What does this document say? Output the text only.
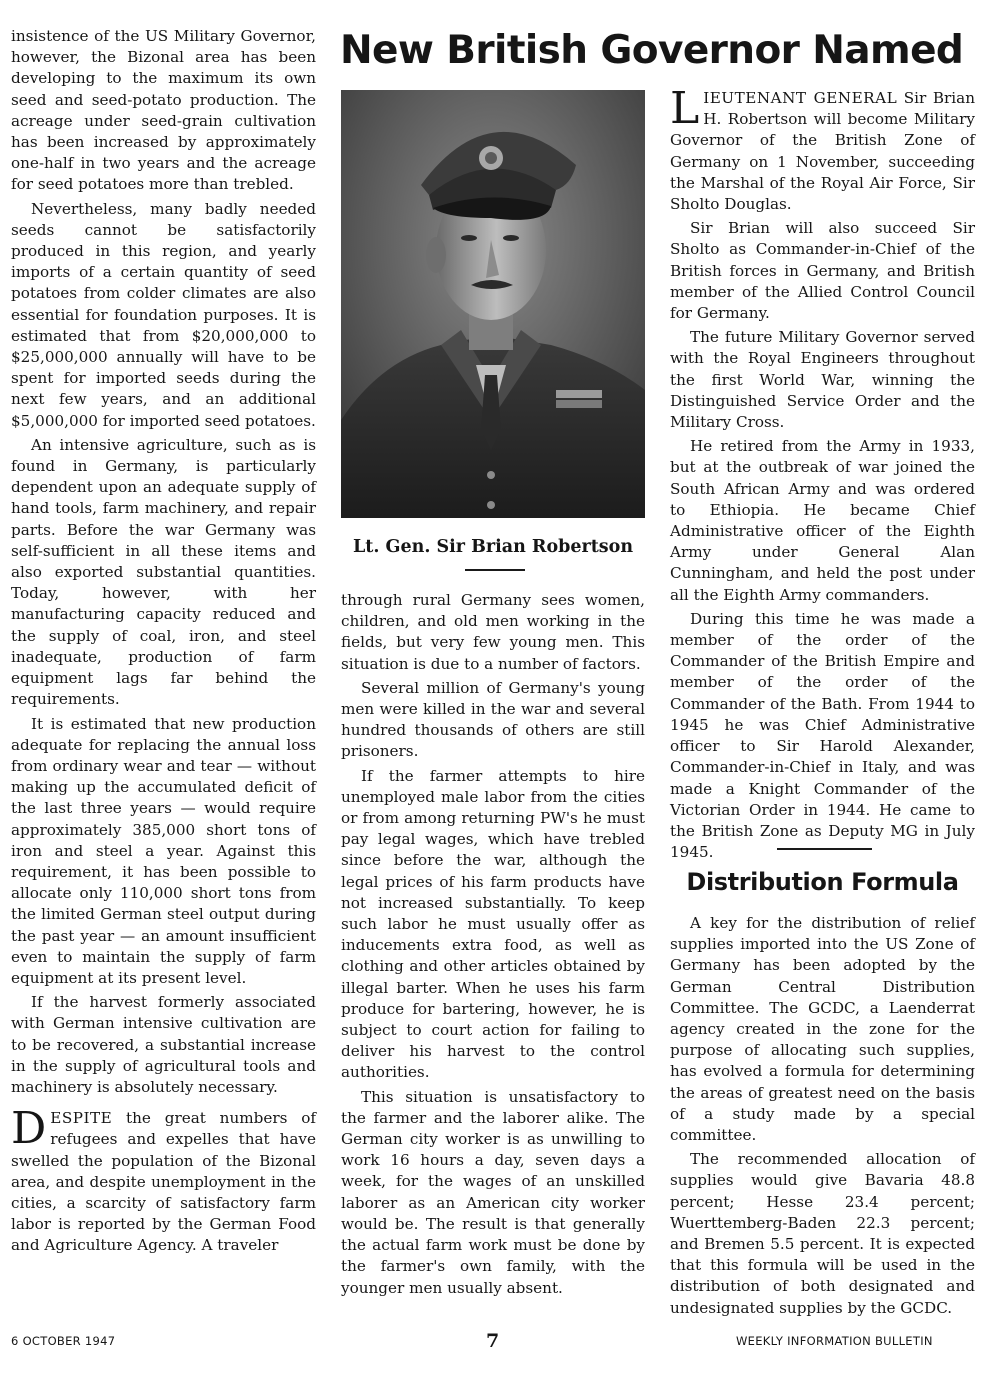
insistence of the US Military Governor, however, the Bizonal area has been developing to the maximum its own seed and seed-potato production. The acreage under seed-grain cultivation has been increased by approximately one-half in two years and the acreage for seed potatoes more than trebled.

Nevertheless, many badly needed seeds cannot be satisfactorily produced in this region, and yearly imports of a certain quantity of seed potatoes from colder climates are also essential for foundation purposes. It is estimated that from $20,000,000 to $25,000,000 annually will have to be spent for imported seeds during the next few years, and an additional $5,000,000 for imported seed potatoes.

An intensive agriculture, such as is found in Germany, is particularly dependent upon an adequate supply of hand tools, farm machinery, and repair parts. Before the war Germany was self-sufficient in all these items and also exported substantial quantities. Today, however, with her manufacturing capacity reduced and the supply of coal, iron, and steel inadequate, production of farm equipment lags far behind the requirements.

It is estimated that new production adequate for replacing the annual loss from ordinary wear and tear — without making up the accumulated deficit of the last three years — would require approximately 385,000 short tons of iron and steel a year. Against this requirement, it has been possible to allocate only 110,000 short tons from the limited German steel output during the past year — an amount insufficient even to maintain the supply of farm equipment at its present level.

If the harvest formerly associated with German intensive cultivation are to be recovered, a substantial increase in the supply of agricultural tools and machinery is absolutely necessary.

DESPITE the great numbers of refugees and expelles that have swelled the population of the Bizonal area, and despite unemployment in the cities, a scarcity of satisfactory farm labor is reported by the German Food and Agriculture Agency. A traveler

New British Governor Named

Lt. Gen. Sir Brian Robertson

through rural Germany sees women, children, and old men working in the fields, but very few young men. This situation is due to a number of factors.

Several million of Germany's young men were killed in the war and several hundred thousands of others are still prisoners.

If the farmer attempts to hire unemployed male labor from the cities or from among returning PW's he must pay legal wages, which have trebled since before the war, although the legal prices of his farm products have not increased substantially. To keep such labor he must usually offer as inducements extra food, as well as clothing and other articles obtained by illegal barter. When he uses his farm produce for bartering, however, he is subject to court action for failing to deliver his harvest to the control authorities.

This situation is unsatisfactory to the farmer and the laborer alike. The German city worker is as unwilling to work 16 hours a day, seven days a week, for the wages of an unskilled laborer as an American city worker would be. The result is that generally the actual farm work must be done by the farmer's own family, with the younger men usually absent.

LIEUTENANT GENERAL Sir Brian H. Robertson will become Military Governor of the British Zone of Germany on 1 November, succeeding the Marshal of the Royal Air Force, Sir Sholto Douglas.

Sir Brian will also succeed Sir Sholto as Commander-in-Chief of the British forces in Germany, and British member of the Allied Control Council for Germany.

The future Military Governor served with the Royal Engineers throughout the first World War, winning the Distinguished Service Order and the Military Cross.

He retired from the Army in 1933, but at the outbreak of war joined the South African Army and was ordered to Ethiopia. He became Chief Administrative officer of the Eighth Army under General Alan Cunningham, and held the post under all the Eighth Army commanders.

During this time he was made a member of the order of the Commander of the British Empire and member of the order of the Commander of the Bath. From 1944 to 1945 he was Chief Administrative officer to Sir Harold Alexander, Commander-in-Chief in Italy, and was made a Knight Commander of the Victorian Order in 1944. He came to the British Zone as Deputy MG in July 1945.

Distribution Formula

A key for the distribution of relief supplies imported into the US Zone of Germany has been adopted by the German Central Distribution Committee. The GCDC, a Laenderrat agency created in the zone for the purpose of allocating such supplies, has evolved a formula for determining the areas of greatest need on the basis of a study made by a special committee.

The recommended allocation of supplies would give Bavaria 48.8 percent; Hesse 23.4 percent; Wuerttemberg-Baden 22.3 percent; and Bremen 5.5 percent. It is expected that this formula will be used in the distribution of both designated and undesignated supplies by the GCDC.

6 OCTOBER 1947	7	WEEKLY INFORMATION BULLETIN
